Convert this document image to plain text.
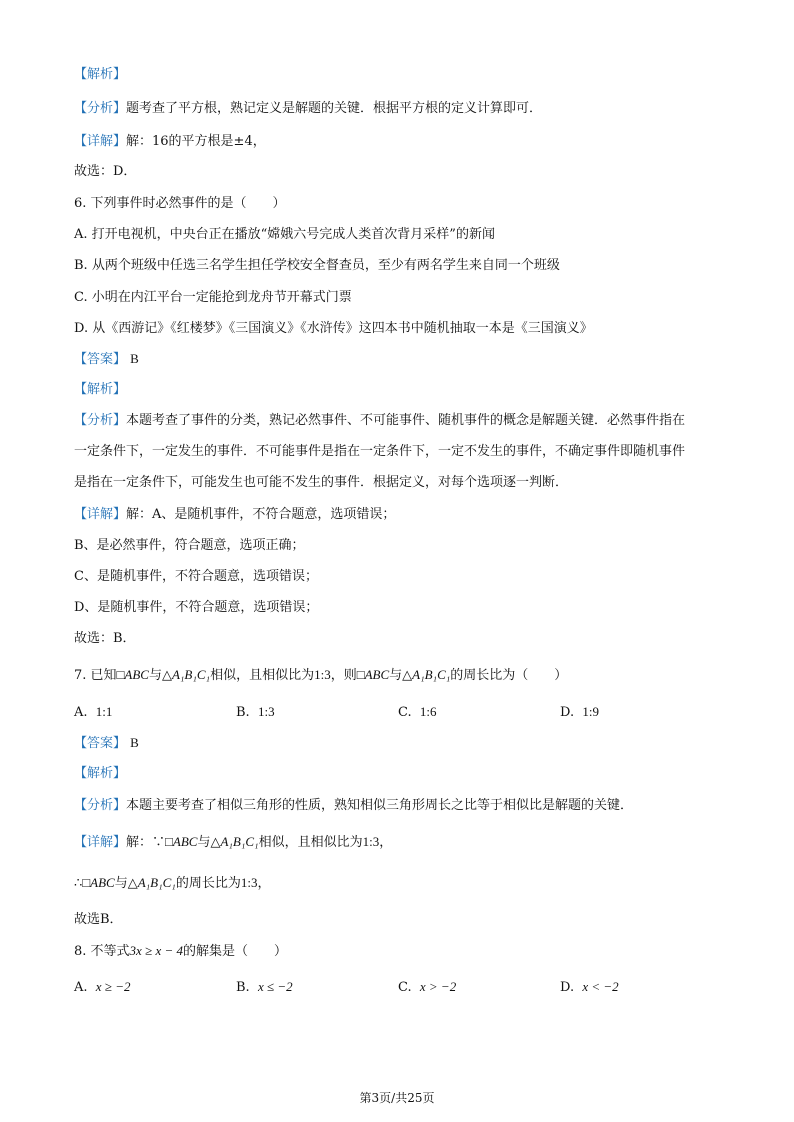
【解析】
【分析】题考查了平方根，熟记定义是解题的关键．根据平方根的定义计算即可．
【详解】解：16的平方根是±4，
故选：D．
6. 下列事件时必然事件的是（　　）
A. 打开电视机，中央台正在播放“嫦娥六号完成人类首次背月采样”的新闻
B. 从两个班级中任选三名学生担任学校安全督查员，至少有两名学生来自同一个班级
C. 小明在内江平台一定能抢到龙舟节开幕式门票
D. 从《西游记》《红楼梦》《三国演义》《水浒传》这四本书中随机抽取一本是《三国演义》
【答案】 B
【解析】
【分析】本题考查了事件的分类，熟记必然事件、不可能事件、随机事件的概念是解题关键．必然事件指在
一定条件下，一定发生的事件．不可能事件是指在一定条件下，一定不发生的事件，不确定事件即随机事件
是指在一定条件下，可能发生也可能不发生的事件．根据定义，对每个选项逐一判断．
【详解】解：A、是随机事件，不符合题意，选项错误；
B、是必然事件，符合题意，选项正确；
C、是随机事件，不符合题意，选项错误；
D、是随机事件，不符合题意，选项错误；
故选：B．
7. 已知□ABC与△A₁B₁C₁相似，且相似比为1:3，则□ABC与△A₁B₁C₁的周长比为（　　）
A. 1:1	B. 1:3	C. 1:6	D. 1:9
【答案】 B
【解析】
【分析】本题主要考查了相似三角形的性质，熟知相似三角形周长之比等于相似比是解题的关键．
【详解】解：∵□ABC与△A₁B₁C₁相似，且相似比为1:3，
∴□ABC与△A₁B₁C₁的周长比为1:3，
故选B．
8. 不等式3x ≥ x − 4的解集是（　　）
A. x ≥ −2	B. x ≤ −2	C. x > −2	D. x < −2
第3页/共25页
